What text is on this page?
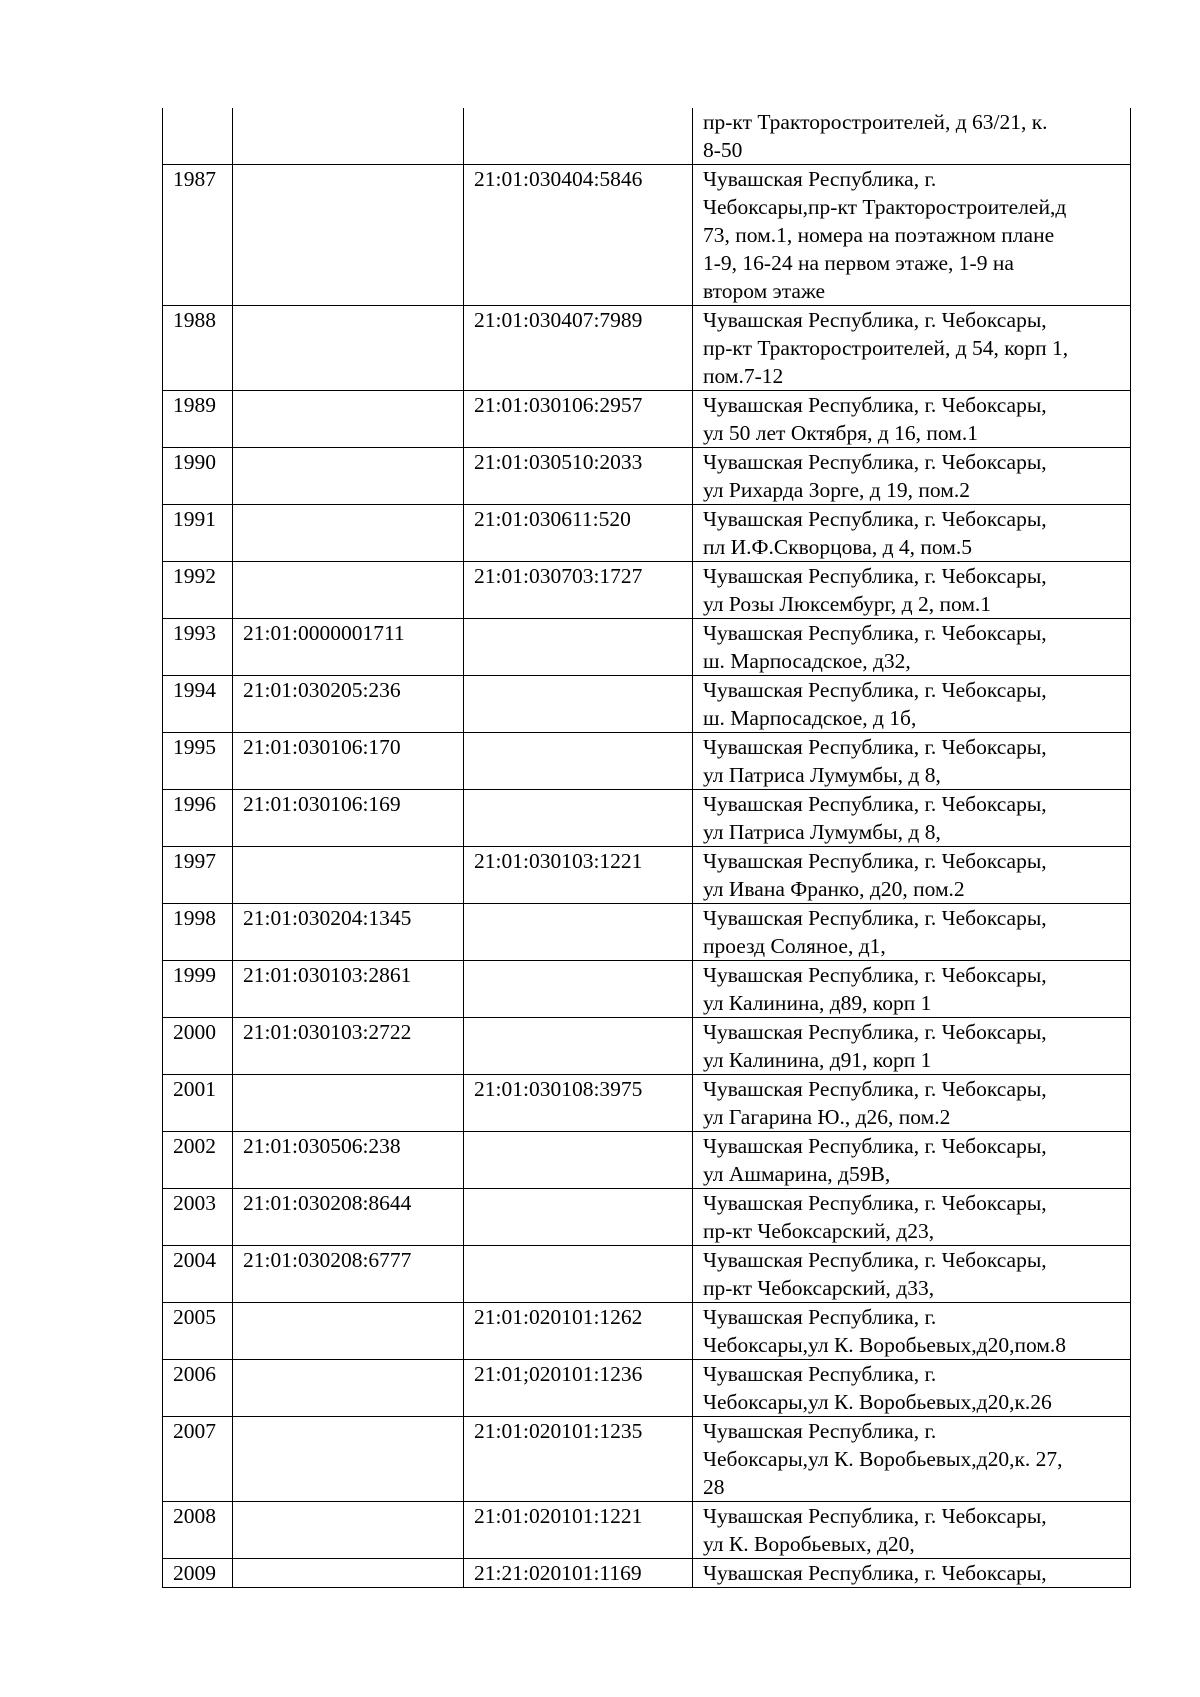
			пр-кт Тракторостроителей, д 63/21, к.
8-50
1987		21:01:030404:5846	Чувашская Республика, г.
Чебоксары,пр-кт Тракторостроителей,д
73, пом.1, номера на поэтажном плане
1-9, 16-24 на первом этаже, 1-9 на
втором этаже
1988		21:01:030407:7989	Чувашская Республика, г. Чебоксары,
пр-кт Тракторостроителей, д 54, корп 1,
пом.7-12
1989		21:01:030106:2957	Чувашская Республика, г. Чебоксары,
ул 50 лет Октября, д 16, пом.1
1990		21:01:030510:2033	Чувашская Республика, г. Чебоксары,
ул Рихарда Зорге, д 19, пом.2
1991		21:01:030611:520	Чувашская Республика, г. Чебоксары,
пл И.Ф.Скворцова, д 4, пом.5
1992		21:01:030703:1727	Чувашская Республика, г. Чебоксары,
ул Розы Люксембург, д 2, пом.1
1993	21:01:0000001711		Чувашская Республика, г. Чебоксары,
ш. Марпосадское, д32,
1994	21:01:030205:236		Чувашская Республика, г. Чебоксары,
ш. Марпосадское, д 1б,
1995	21:01:030106:170		Чувашская Республика, г. Чебоксары,
ул Патриса Лумумбы, д 8,
1996	21:01:030106:169		Чувашская Республика, г. Чебоксары,
ул Патриса Лумумбы, д 8,
1997		21:01:030103:1221	Чувашская Республика, г. Чебоксары,
ул Ивана Франко, д20, пом.2
1998	21:01:030204:1345		Чувашская Республика, г. Чебоксары,
проезд Соляное, д1,
1999	21:01:030103:2861		Чувашская Республика, г. Чебоксары,
ул Калинина, д89, корп 1
2000	21:01:030103:2722		Чувашская Республика, г. Чебоксары,
ул Калинина, д91, корп 1
2001		21:01:030108:3975	Чувашская Республика, г. Чебоксары,
ул Гагарина Ю., д26, пом.2
2002	21:01:030506:238		Чувашская Республика, г. Чебоксары,
ул Ашмарина, д59В,
2003	21:01:030208:8644		Чувашская Республика, г. Чебоксары,
пр-кт Чебоксарский, д23,
2004	21:01:030208:6777		Чувашская Республика, г. Чебоксары,
пр-кт Чебоксарский, д33,
2005		21:01:020101:1262	Чувашская Республика, г.
Чебоксары,ул К. Воробьевых,д20,пом.8
2006		21:01;020101:1236	Чувашская Республика, г.
Чебоксары,ул К. Воробьевых,д20,к.26
2007		21:01:020101:1235	Чувашская Республика, г.
Чебоксары,ул К. Воробьевых,д20,к. 27,
28
2008		21:01:020101:1221	Чувашская Республика, г. Чебоксары,
ул К. Воробьевых, д20,
2009		21:21:020101:1169	Чувашская Республика, г. Чебоксары,
